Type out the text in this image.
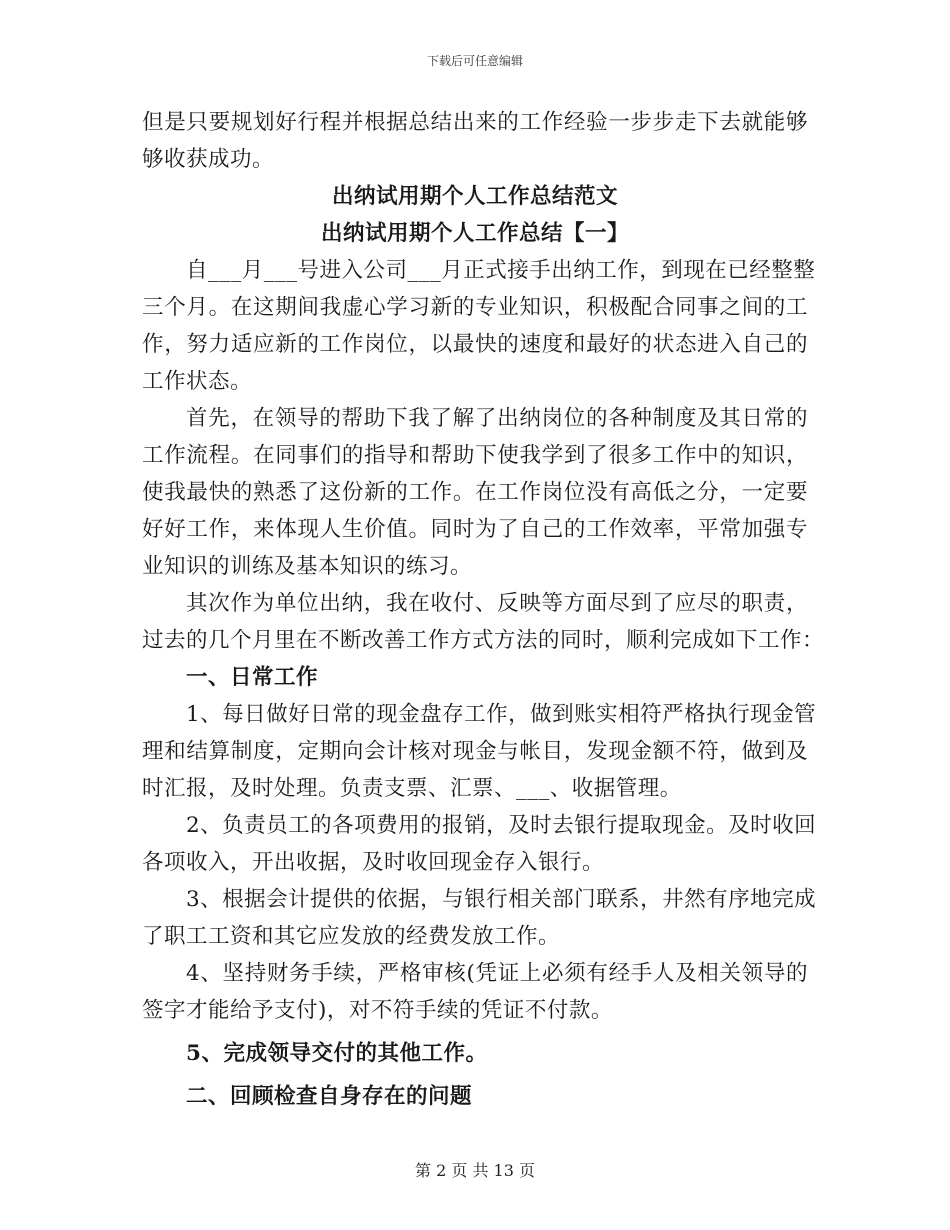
下载后可任意编辑
但是只要规划好行程并根据总结出来的工作经验一步步走下去就能够
够收获成功。
出纳试用期个人工作总结范文
出纳试用期个人工作总结【一】
自___月___号进入公司___月正式接手出纳工作，到现在已经整整
三个月。在这期间我虚心学习新的专业知识，积极配合同事之间的工
作，努力适应新的工作岗位，以最快的速度和最好的状态进入自己的
工作状态。
首先，在领导的帮助下我了解了出纳岗位的各种制度及其日常的
工作流程。在同事们的指导和帮助下使我学到了很多工作中的知识，
使我最快的熟悉了这份新的工作。在工作岗位没有高低之分，一定要
好好工作，来体现人生价值。同时为了自己的工作效率，平常加强专
业知识的训练及基本知识的练习。
其次作为单位出纳，我在收付、反映等方面尽到了应尽的职责，
过去的几个月里在不断改善工作方式方法的同时，顺利完成如下工作：
一、日常工作
1、每日做好日常的现金盘存工作，做到账实相符严格执行现金管
理和结算制度，定期向会计核对现金与帐目，发现金额不符，做到及
时汇报，及时处理。负责支票、汇票、___、收据管理。
2、负责员工的各项费用的报销，及时去银行提取现金。及时收回
各项收入，开出收据，及时收回现金存入银行。
3、根据会计提供的依据，与银行相关部门联系，井然有序地完成
了职工工资和其它应发放的经费发放工作。
4、坚持财务手续，严格审核(凭证上必须有经手人及相关领导的
签字才能给予支付)，对不符手续的凭证不付款。
5、完成领导交付的其他工作。
二、回顾检查自身存在的问题
第 2 页 共 13 页
